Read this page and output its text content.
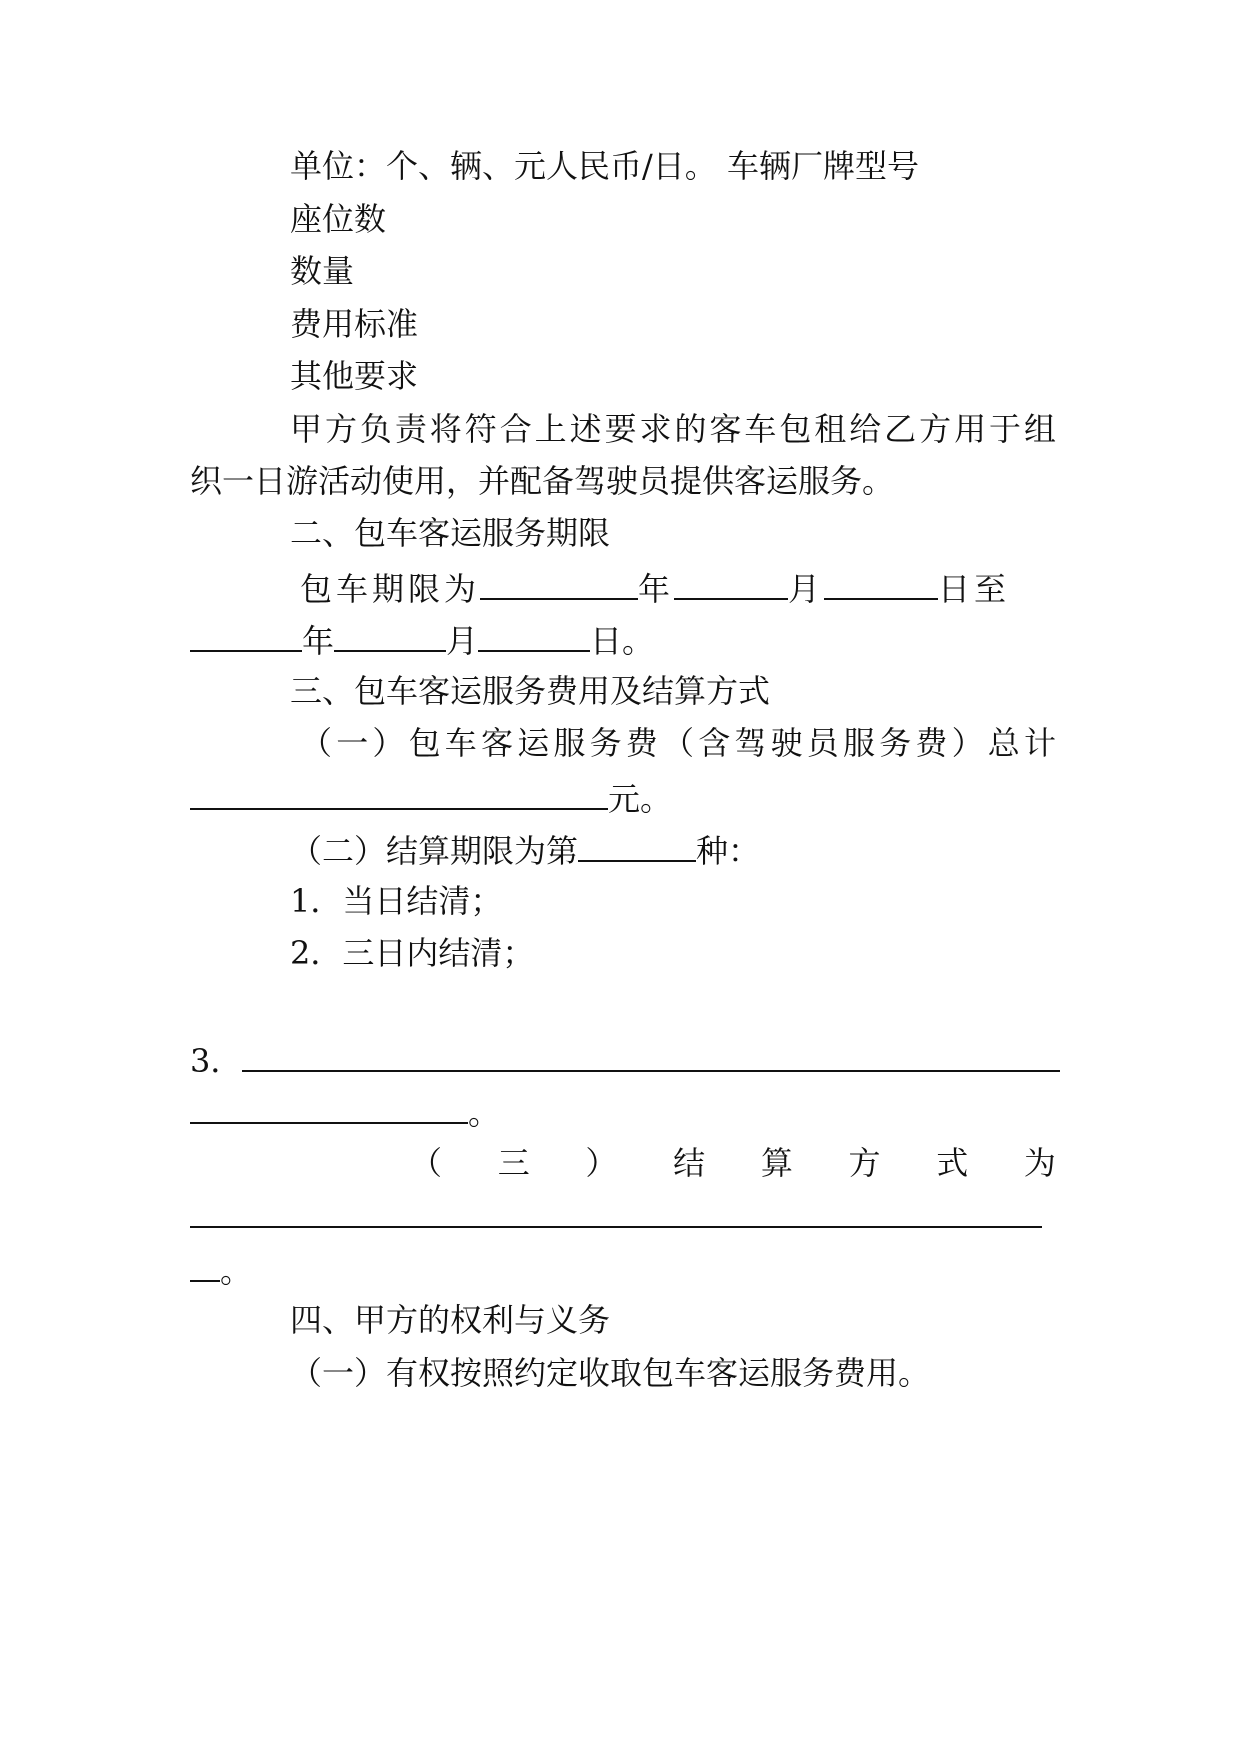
单位：个、辆、元人民币/日。 车辆厂牌型号
座位数
数量
费用标准
其他要求
甲方负责将符合上述要求的客车包租给乙方用于组
织一日游活动使用，并配备驾驶员提供客运服务。
二、包车客运服务期限
包车期限为	年	月	日至
年	月	日。
三、包车客运服务费用及结算方式
（一）包车客运服务费（含驾驶员服务费）总计
元。
（二）结算期限为第	种：
1．当日结清；
2．三日内结清；
3．
。
（ 三 ） 结 算 方 式 为
。
四、甲方的权利与义务
（一）有权按照约定收取包车客运服务费用。
